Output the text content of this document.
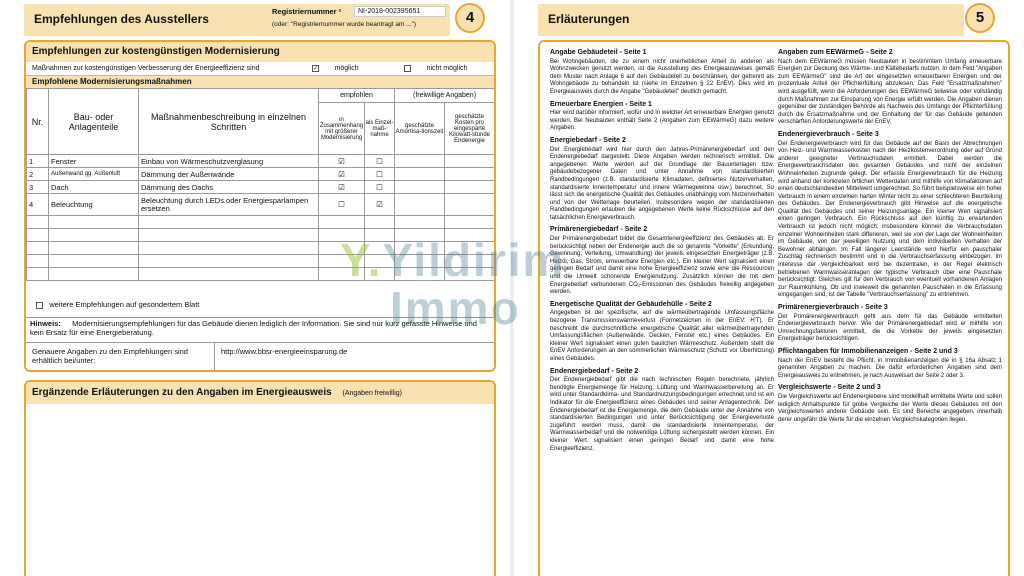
Empfehlungen des Ausstellers
Registriernummer ²	NI-2018-002395651
(oder: "Registriernummer wurde beantragt am ...")	4
Empfehlungen zur kostengünstigen Modernisierung
Maßnahmen zur kostengünstigen Verbesserung der Energieeffizienz sind	✓ möglich	nicht möglich
Empfohlene Modernisierungsmaßnahmen
Nr.	Bau- oder Anlagenteile	Maßnahmenbeschreibung in einzelnen Schritten	empfohlen		(freiwillige Angaben)	
			in Zusammenhang mit größerer Modernisierung	als Einzel-maß-nahme	geschätzte Amortisa-tionszeit	geschätzte Kosten pro eingesparte Kilowatt-stunde Endenergie
1	Fenster	Einbau von Wärmeschutzverglasung	☑	☐		
2	Außenwand gg. Außenluft	Dämmung der Außenwände	☑	☐		
3	Dach	Dämmung des Dachs	☑	☐		
4	Beleuchtung	Beleuchtung durch LEDs oder Energiesparlampen ersetzen	☐	☑		

weitere Empfehlungen auf gesondertem Blatt
Hinweis: Modernisierungsempfehlungen für das Gebäude dienen lediglich der Information. Sie sind nur kurz gefasste Hinweise und kein Ersatz für eine Energieberatung.
Genauere Angaben zu den Empfehlungen sind erhältlich bei/unter:
http://www.bbsr-energieeinsparung.de
Ergänzende Erläuterungen zu den Angaben im Energieausweis (Angaben freiwillig)
Erläuterungen	5
Angabe Gebäudeteil - Seite 1

Bei Wohngebäuden, die zu einem nicht unerheblichen Anteil zu anderen als Wohnzwecken genutzt werden, ist die Ausstellung des Energieausweises gemäß dem Muster nach Anlage 6 auf den Gebäudeteil zu beschränken, der getrennt als Wohngebäude zu behandeln ist (siehe im Einzelnen § 22 EnEV). Dies wird im Energieausweis durch die Angabe "Gebäudeteil" deutlich gemacht.

Erneuerbare Energien - Seite 1

Hier wird darüber informiert, wofür und in welcher Art erneuerbare Energien genutzt werden. Bei Neubauten enthält Seite 2 (Angaben zum EEWärmeG) dazu weitere Angaben.

Energiebedarf - Seite 2

Der Energiebedarf wird hier durch den Jahres-Primärenergiebedarf und den Endenergiebedarf dargestellt. Diese Angaben werden rechnerisch ermittelt. Die angegebenen Werte werden auf der Grundlage der Bauunterlagen bzw. gebäudebezogener Daten und unter Annahme von standardisierten Randbedingungen (z.B. standardisierte Klimadaten, definiertes Nutzerverhalten, standardisierte Innentemperatur und innere Wärmegewinne usw.) berechnet. So lässt sich die energetische Qualität des Gebäudes unabhängig vom Nutzerverhalten und von der Wetterlage beurteilen. Insbesondere wegen der standardisierten Randbedingungen erlauben die angegebenen Werte keine Rückschlüsse auf den tatsächlichen Energieverbrauch.

Primärenergiebedarf - Seite 2

Der Primärenergiebedarf bildet die Gesamtenergieeffizienz des Gebäudes ab. Er berücksichtigt neben der Endenergie auch die so genannte "Vorkette" (Erkundung, Gewinnung, Verteilung, Umwandlung) der jeweils eingesetzten Energieträger (z.B. Heizöl, Gas, Strom, erneuerbare Energien etc.). Ein kleiner Wert signalisiert einen geringen Bedarf und damit eine hohe Energieeffizienz sowie eine die Ressourcen und die Umwelt schonende Energienutzung. Zusätzlich können die mit dem Energiebedarf verbundenen CO₂-Emissionen des Gebäudes freiwillig angegeben werden.

Energetische Qualität der Gebäudehülle - Seite 2

Angegeben ist der spezifische, auf die wärmeübertragende Umfassungsfläche bezogene Transmissionswärmeverlust (Formelzeichen in der EnEV: H'T). Er beschreibt die durchschnittliche energetische Qualität aller wärmeübertragenden Umfassungsflächen (Außenwände, Decken, Fenster etc.) eines Gebäudes. Ein kleiner Wert signalisiert einen guten baulichen Wärmeschutz. Außerdem stellt die EnEV Anforderungen an den sommerlichen Wärmeschutz (Schutz vor Überhitzung) eines Gebäudes.

Endenergiebedarf - Seite 2

Der Endenergiebedarf gibt die nach technischen Regeln berechnete, jährlich benötigte Energiemenge für Heizung, Lüftung und Warmwasserbereitung an. Er wird unter Standardklima- und Standardnutzungsbedingungen errechnet und ist ein Indikator für die Energieeffizienz eines Gebäudes und seiner Anlagentechnik. Der Endenergiebedarf ist die Energiemenge, die dem Gebäude unter der Annahme von standardisierten Bedingungen und unter Berücksichtigung der Energieverluste zugeführt werden muss, damit die standardisierte Innentemperatur, der Warmwasserbedarf und die notwendige Lüftung sichergestellt werden können. Ein kleiner Wert signalisiert einen geringen Bedarf und damit eine hohe Energieeffizienz.

Angaben zum EEWärmeG - Seite 2

Nach dem EEWärmeG müssen Neubauten in bestimmtem Umfang erneuerbare Energien zur Deckung des Wärme- und Kältebedarfs nutzen. In dem Feld "Angaben zum EEWärmeG" sind die Art der eingesetzten erneuerbaren Energien und der prozentuale Anteil der Pflichterfüllung abzulesen. Das Feld "Ersatzmaßnahmen" wird ausgefüllt, wenn die Anforderungen des EEWärmeG teilweise oder vollständig durch Maßnahmen zur Einsparung von Energie erfüllt werden. Die Angaben dienen gegenüber der zuständigen Behörde als Nachweis des Umfangs der Pflichterfüllung durch die Ersatzmaßnahme und der Einhaltung der für das Gebäude geltenden verschärften Anforderungswerte der EnEV.

Endenergieverbrauch - Seite 3

Der Endenergieverbrauch wird für das Gebäude auf der Basis der Abrechnungen von Heiz- und Warmwasserkosten nach der Heizkostenverordnung oder auf Grund anderer geeigneter Verbrauchsdaten ermittelt. Dabei werden die Energieverbrauchsdaten des gesamten Gebäudes und nicht der einzelnen Wohneinheiten zugrunde gelegt. Der erfasste Energieverbrauch für die Heizung wird anhand der konkreten örtlichen Wetterdaten und mithilfe von Klimafaktoren auf einen deutschlandweiten Mittelwert umgerechnet. So führt beispielsweise ein hoher Verbrauch in einem einzelnen harten Winter nicht zu einer schlechteren Beurteilung des Gebäudes. Der Endenergieverbrauch gibt Hinweise auf die energetische Qualität des Gebäudes und seiner Heizungsanlage. Ein kleiner Wert signalisiert einen geringen Verbrauch. Ein Rückschluss auf den künftig zu erwartenden Verbrauch ist jedoch nicht möglich; insbesondere können die Verbrauchsdaten einzelner Wohneinheiten stark differieren, weil sie von der Lage der Wohneinheiten im Gebäude, von der jeweiligen Nutzung und dem individuellen Verhalten der Bewohner abhängen. Im Fall längerer Leerstände wird hierfür ein pauschaler Zuschlag rechnerisch bestimmt und in die Verbrauchserfassung einbezogen. Im Interesse der Vergleichbarkeit wird bei dezentralen, in der Regel elektrisch betriebenen Warmwasseranlagen der typische Verbrauch über eine Pauschale berücksichtigt: Gleiches gilt für den Verbrauch von eventuell vorhandenen Anlagen zur Raumkühlung. Ob und inwieweit die genannten Pauschalen in die Erfassung eingegangen sind, ist der Tabelle "Verbrauchserfassung" zu entnehmen.

Primärenergieverbrauch - Seite 3

Der Primärenergieverbrauch geht aus dem für das Gebäude ermittelten Endenergieverbrauch hervor. Wie der Primärenergiebedarf wird er mithilfe von Umrechnungsfaktoren ermittelt, die die Vorkette der jeweils eingesetzten Energieträger berücksichtigen.

Pflichtangaben für Immobilienanzeigen - Seite 2 und 3

Nach der EnEV besteht die Pflicht, in Immobilienanzeigen die in § 16a Absatz 1 genannten Angaben zu machen. Die dafür erforderlichen Angaben sind dem Energieausweis zu entnehmen, je nach Ausweisart der Seite 2 oder 3.

Vergleichswerte - Seite 2 und 3

Die Vergleichswerte auf Endenergiebene sind modellhaft ermittelte Werte und sollen lediglich Anhaltspunkte für grobe Vergleiche der Werte dieses Gebäudes mit den Vergleichswerten anderer Gebäude sein. Es sind Bereiche angegeben, innerhalb derer ungefähr die Werte für die einzelnen Vergleichskategorien liegen.

Y.Yildirim
Immo
